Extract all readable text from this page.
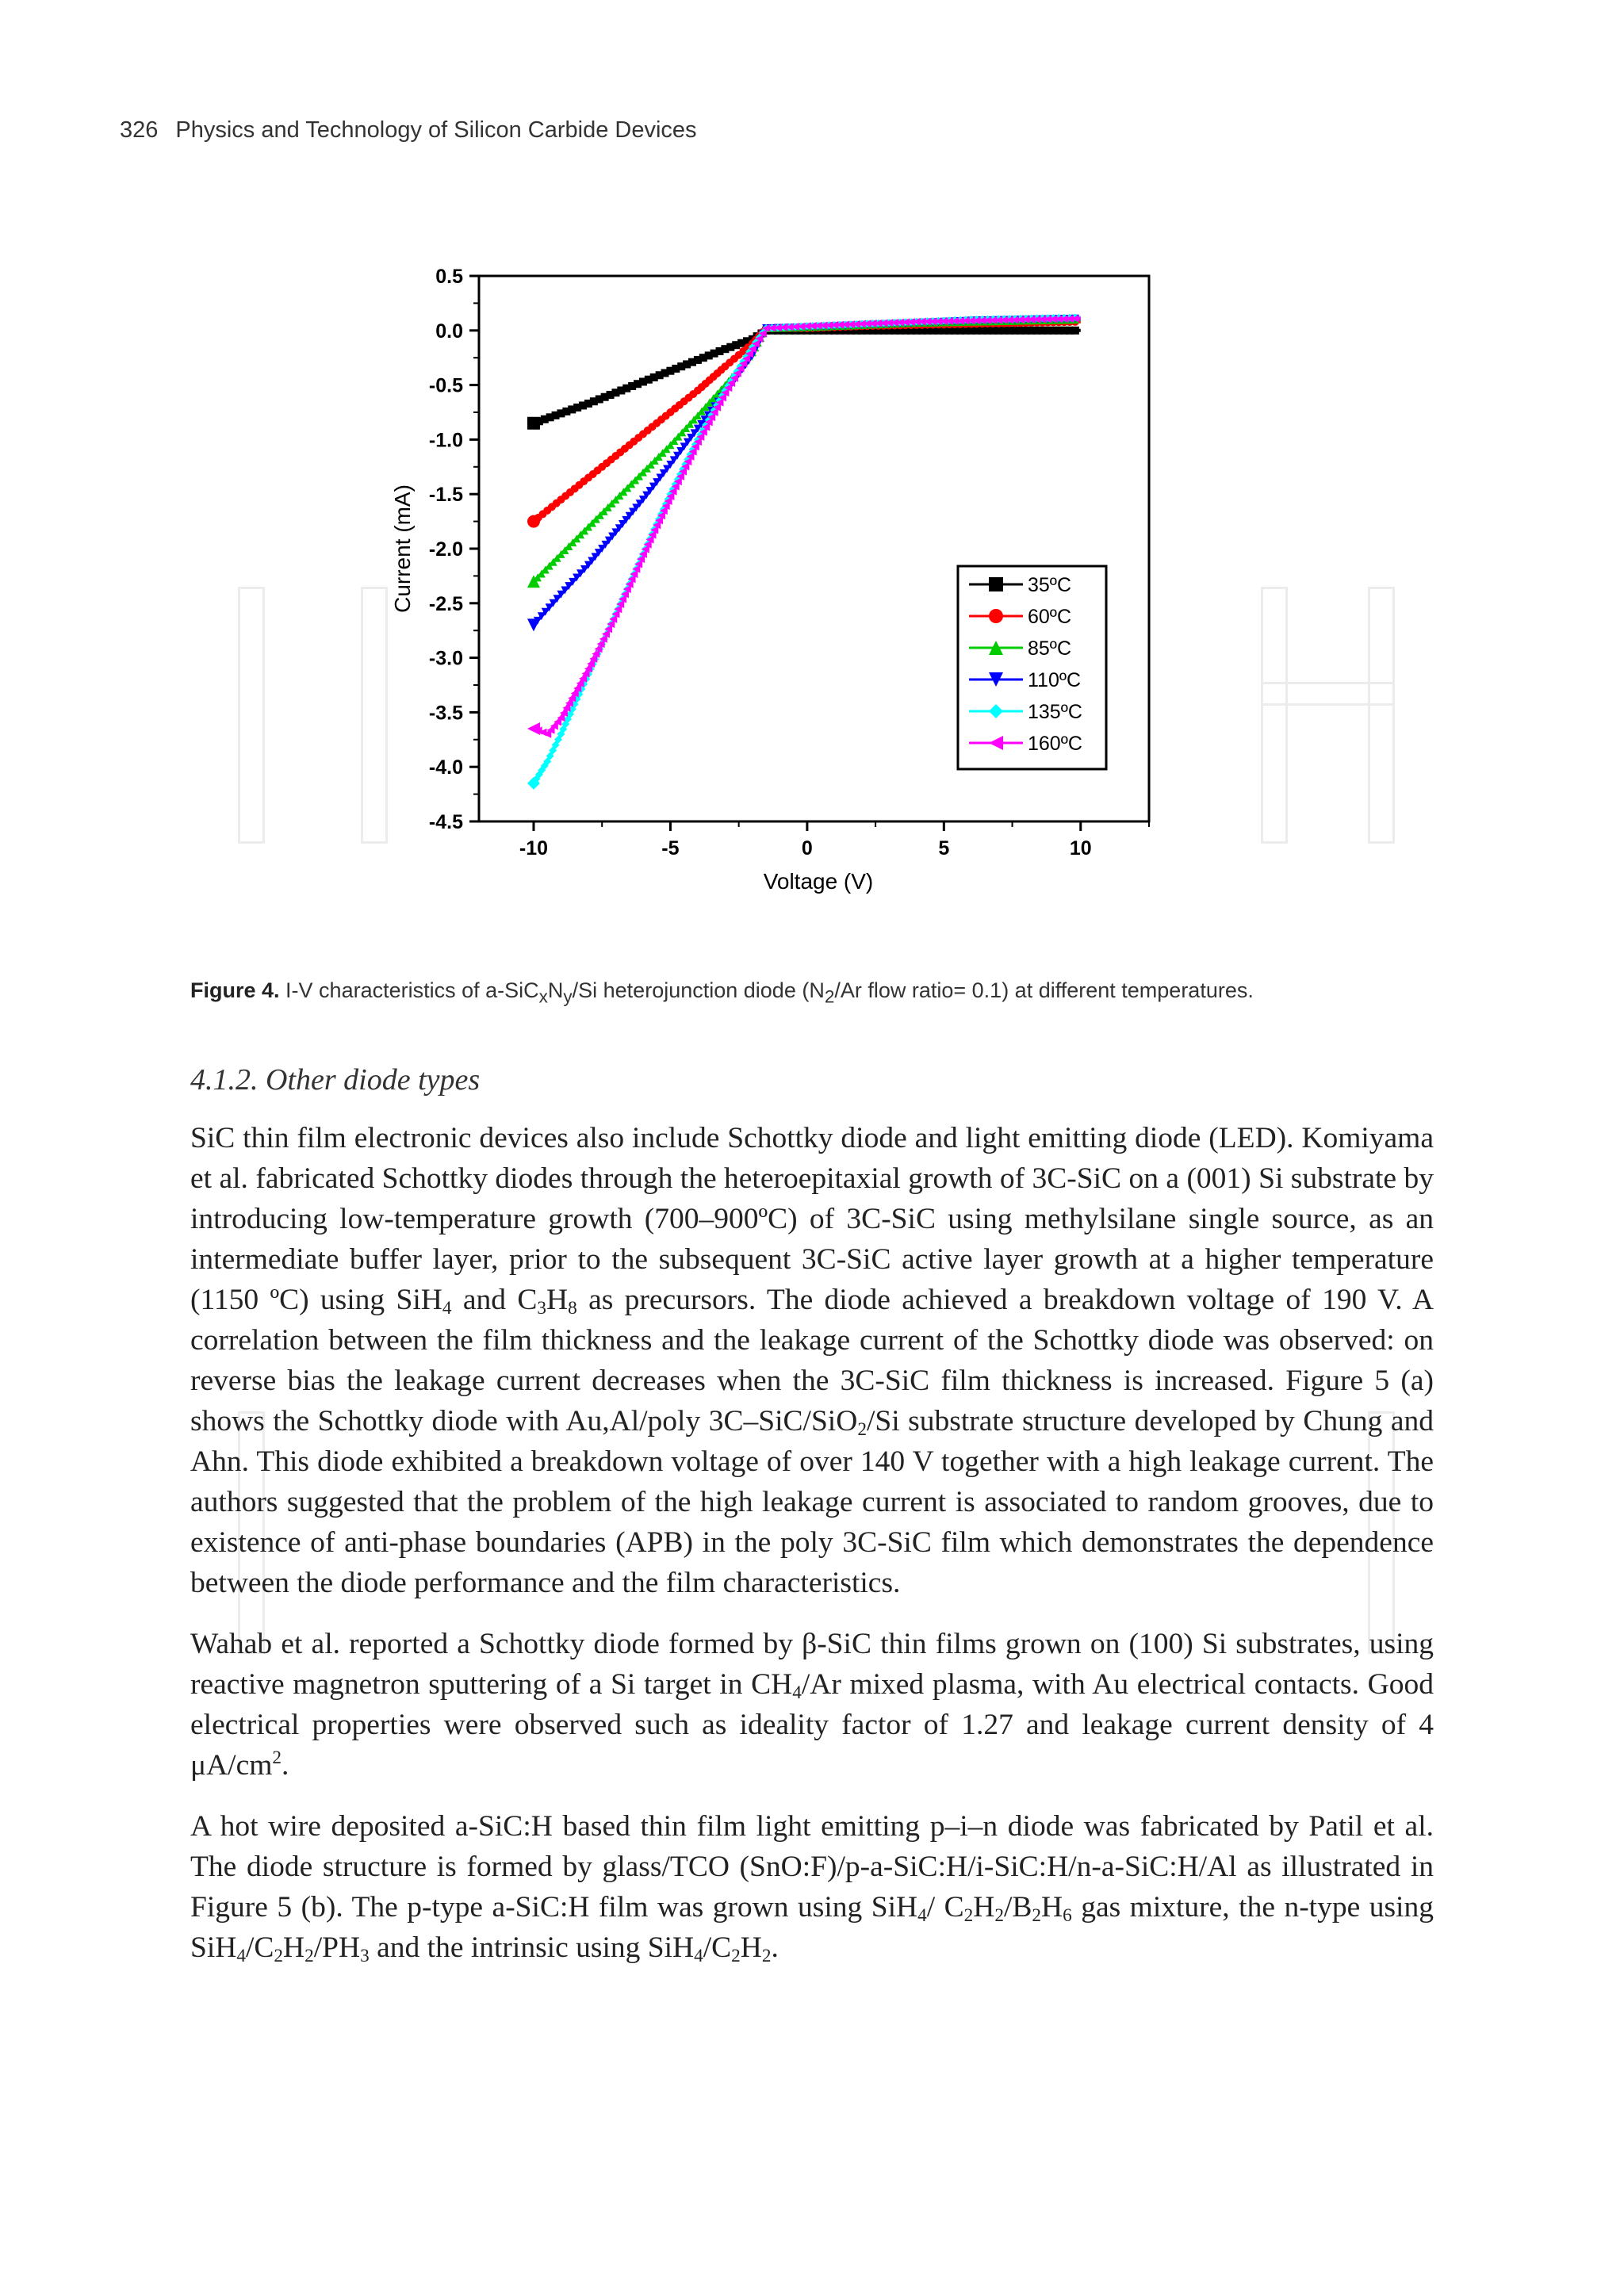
326 Physics and Technology of Silicon Carbide Devices
0.5
0.0
-0.5
-1.0
-1.5
-2.0
-2.5
-3.0
-3.5
-4.0
-4.5
-10	-5	0	5	10
Voltage (V)
Current (mA)	35ºC
60ºC
85ºC
110ºC
135ºC
160ºC
Figure 4. I-V characteristics of $a-SiC_xN_y/Si$ heterojunction diode ($N_2/Ar$ flow ratio= 0.1) at different temperatures.
4.1.2. Other diode types

SiC thin film electronic devices also include Schottky diode and light emitting diode (LED). Komiyama et al. fabricated Schottky diodes through the heteroepitaxial growth of 3C-SiC on a (001) Si substrate by introducing low-temperature growth (700–900ºC) of 3C-SiC using methylsilane single source, as an intermediate buffer layer, prior to the subsequent 3C-SiC active layer growth at a higher temperature (1150 ºC) using SiH$_4$ and $C_3H_8$ as precursors. The diode achieved a breakdown voltage of 190 V. A correlation between the film thickness and the leakage current of the Schottky diode was observed: on reverse bias the leakage current decreases when the 3C-SiC film thickness is increased. Figure 5 (a) shows the Schottky diode with Au,Al/poly 3C–SiC/SiO$_2$/Si substrate structure developed by Chung and Ahn. This diode exhibited a breakdown voltage of over 140 V together with a high leakage current. The authors suggested that the problem of the high leakage current is associated to random grooves, due to existence of anti-phase boundaries (APB) in the poly 3C-SiC film which demonstrates the dependence between the diode performance and the film characteristics.

Wahab et al. reported a Schottky diode formed by β-SiC thin films grown on (100) Si substrates, using reactive magnetron sputtering of a Si target in $CH_4/Ar$ mixed plasma, with Au electrical contacts. Good electrical properties were observed such as ideality factor of 1.27 and leakage current density of 4 $\mu A/cm^2$.

A hot wire deposited a-SiC:H based thin film light emitting p–i–n diode was fabricated by Patil et al. The diode structure is formed by glass/TCO (SnO:F)/p-a-SiC:H/i-SiC:H/n-a-SiC:H/Al as illustrated in Figure 5 (b). The p-type a-SiC:H film was grown using SiH$_4$/ $C_2H_2/B_2H_6$ gas mixture, the n-type using $SiH_4/C_2H_2/PH_3$ and the intrinsic using $SiH_4/C_2H_2$.
